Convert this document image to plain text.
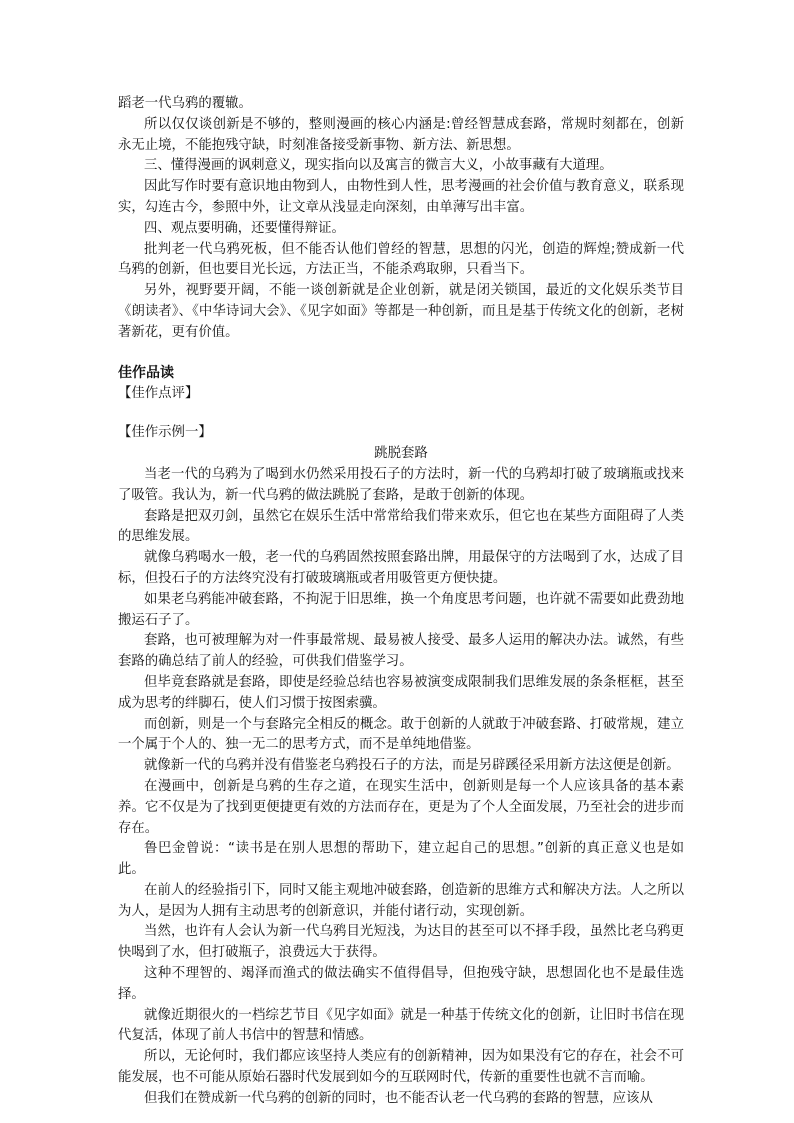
蹈老一代乌鸦的覆辙。

所以仅仅谈创新是不够的，整则漫画的核心内涵是:曾经智慧成套路，常规时刻都在，创新永无止境，不能抱残守缺，时刻准备接受新事物、新方法、新思想。

三、懂得漫画的讽刺意义，现实指向以及寓言的微言大义，小故事藏有大道理。

因此写作时要有意识地由物到人，由物性到人性，思考漫画的社会价值与教育意义，联系现实，勾连古今，参照中外，让文章从浅显走向深刻，由单薄写出丰富。

四、观点要明确，还要懂得辩证。

批判老一代乌鸦死板，但不能否认他们曾经的智慧，思想的闪光，创造的辉煌;赞成新一代乌鸦的创新，但也要目光长远，方法正当，不能杀鸡取卵，只看当下。

另外，视野要开阔，不能一谈创新就是企业创新，就是闭关锁国，最近的文化娱乐类节目《朗读者》、《中华诗词大会》、《见字如面》等都是一种创新，而且是基于传统文化的创新，老树著新花，更有价值。

佳作品读

【佳作点评】

【佳作示例一】

跳脱套路

当老一代的乌鸦为了喝到水仍然采用投石子的方法时，新一代的乌鸦却打破了玻璃瓶或找来了吸管。我认为，新一代乌鸦的做法跳脱了套路，是敢于创新的体现。

套路是把双刃剑，虽然它在娱乐生活中常常给我们带来欢乐，但它也在某些方面阻碍了人类的思维发展。

就像乌鸦喝水一般，老一代的乌鸦固然按照套路出牌，用最保守的方法喝到了水，达成了目标，但投石子的方法终究没有打破玻璃瓶或者用吸管更方便快捷。

如果老乌鸦能冲破套路，不拘泥于旧思维，换一个角度思考问题，也许就不需要如此费劲地搬运石子了。

套路，也可被理解为对一件事最常规、最易被人接受、最多人运用的解决办法。诚然，有些套路的确总结了前人的经验，可供我们借鉴学习。

但毕竟套路就是套路，即使是经验总结也容易被演变成限制我们思维发展的条条框框，甚至成为思考的绊脚石，使人们习惯于按图索骥。

而创新，则是一个与套路完全相反的概念。敢于创新的人就敢于冲破套路、打破常规，建立一个属于个人的、独一无二的思考方式，而不是单纯地借鉴。

就像新一代的乌鸦并没有借鉴老乌鸦投石子的方法，而是另辟蹊径采用新方法这便是创新。

在漫画中，创新是乌鸦的生存之道，在现实生活中，创新则是每一个人应该具备的基本素养。它不仅是为了找到更便捷更有效的方法而存在，更是为了个人全面发展，乃至社会的进步而存在。

鲁巴金曾说：“读书是在别人思想的帮助下，建立起自己的思想。”创新的真正意义也是如此。

在前人的经验指引下，同时又能主观地冲破套路，创造新的思维方式和解决方法。人之所以为人，是因为人拥有主动思考的创新意识，并能付诸行动，实现创新。

当然，也许有人会认为新一代乌鸦目光短浅，为达目的甚至可以不择手段，虽然比老乌鸦更快喝到了水，但打破瓶子，浪费远大于获得。

这种不理智的、竭泽而渔式的做法确实不值得倡导，但抱残守缺，思想固化也不是最佳选择。

就像近期很火的一档综艺节目《见字如面》就是一种基于传统文化的创新，让旧时书信在现代复活，体现了前人书信中的智慧和情感。

所以，无论何时，我们都应该坚持人类应有的创新精神，因为如果没有它的存在，社会不可能发展，也不可能从原始石器时代发展到如今的互联网时代，传新的重要性也就不言而喻。

但我们在赞成新一代乌鸦的创新的同时，也不能否认老一代乌鸦的套路的智慧，应该从
